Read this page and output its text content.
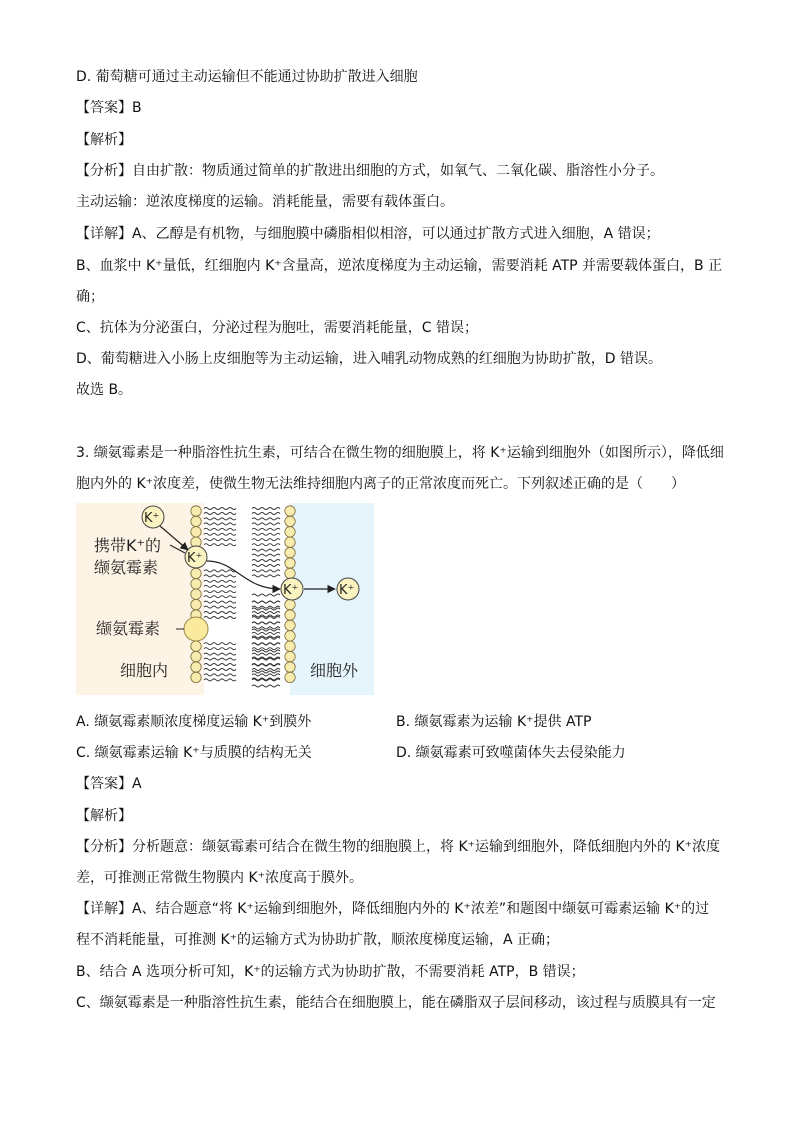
D. 葡萄糖可通过主动运输但不能通过协助扩散进入细胞
【答案】B
【解析】
【分析】自由扩散：物质通过简单的扩散进出细胞的方式，如氧气、二氧化碳、脂溶性小分子。
主动运输：逆浓度梯度的运输。消耗能量，需要有载体蛋白。
【详解】A、乙醇是有机物，与细胞膜中磷脂相似相溶，可以通过扩散方式进入细胞，A 错误；
B、血浆中 K⁺量低，红细胞内 K⁺含量高，逆浓度梯度为主动运输，需要消耗 ATP 并需要载体蛋白，B 正
确；
C、抗体为分泌蛋白，分泌过程为胞吐，需要消耗能量，C 错误；
D、葡萄糖进入小肠上皮细胞等为主动运输，进入哺乳动物成熟的红细胞为协助扩散，D 错误。
故选 B。
3. 缬氨霉素是一种脂溶性抗生素，可结合在微生物的细胞膜上，将 K⁺运输到细胞外（如图所示），降低细
胞内外的 K⁺浓度差，使微生物无法维持细胞内离子的正常浓度而死亡。下列叙述正确的是（　　）
K⁺
K⁺
K⁺	K⁺
携带K⁺的
缬氨霉素
缬氨霉素
细胞内	细胞外
A. 缬氨霉素顺浓度梯度运输 K⁺到膜外	B. 缬氨霉素为运输 K⁺提供 ATP
C. 缬氨霉素运输 K⁺与质膜的结构无关	D. 缬氨霉素可致噬菌体失去侵染能力
【答案】A
【解析】
【分析】分析题意：缬氨霉素可结合在微生物的细胞膜上，将 K⁺运输到细胞外，降低细胞内外的 K⁺浓度
差，可推测正常微生物膜内 K⁺浓度高于膜外。
【详解】A、结合题意“将 K⁺运输到细胞外，降低细胞内外的 K⁺浓差”和题图中缬氨可霉素运输 K⁺的过
程不消耗能量，可推测 K⁺的运输方式为协助扩散，顺浓度梯度运输，A 正确；
B、结合 A 选项分析可知，K⁺的运输方式为协助扩散，不需要消耗 ATP，B 错误；
C、缬氨霉素是一种脂溶性抗生素，能结合在细胞膜上，能在磷脂双子层间移动，该过程与质膜具有一定
